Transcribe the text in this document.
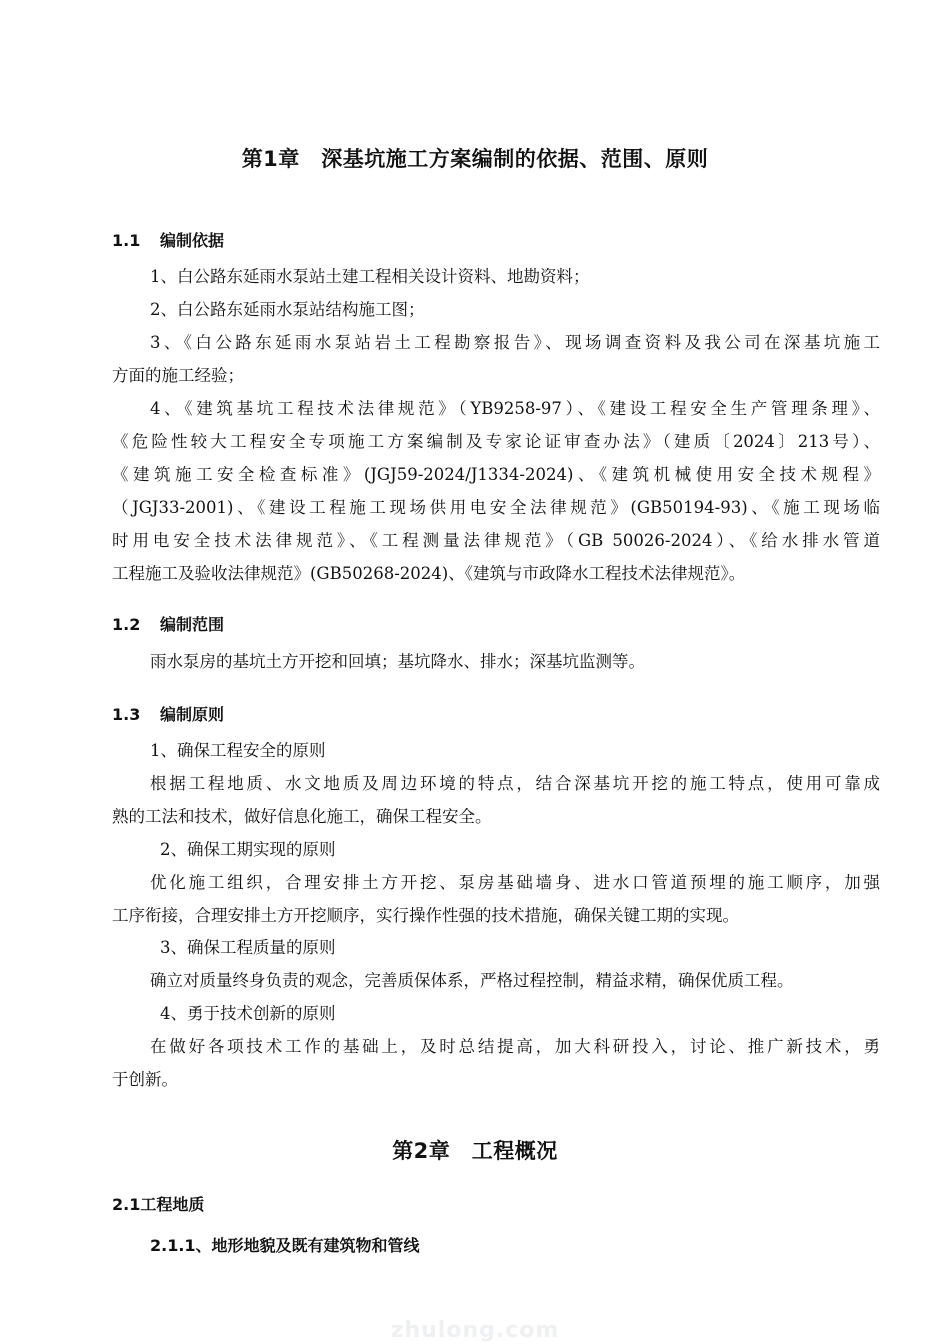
第1章　深基坑施工方案编制的依据、范围、原则
1.1 编制依据
1、白公路东延雨水泵站土建工程相关设计资料、地勘资料；
2、白公路东延雨水泵站结构施工图；
3、《白公路东延雨水泵站岩土工程勘察报告》、现场调查资料及我公司在深基坑施工
方面的施工经验；
4、《建筑基坑工程技术法律规范》（YB9258-97）、《建设工程安全生产管理条理》、
《危险性较大工程安全专项施工方案编制及专家论证审查办法》（建质〔2024〕213号）、
《建筑施工安全检查标准》(JGJ59-2024/J1334-2024)、《建筑机械使用安全技术规程》
（JGJ33-2001)、《建设工程施工现场供用电安全法律规范》(GB50194-93)、《施工现场临
时用电安全技术法律规范》、《工程测量法律规范》（GB 50026-2024）、《给水排水管道
工程施工及验收法律规范》(GB50268-2024)、《建筑与市政降水工程技术法律规范》。
1.2 编制范围
雨水泵房的基坑土方开挖和回填；基坑降水、排水；深基坑监测等。
1.3 编制原则
1、确保工程安全的原则
根据工程地质、水文地质及周边环境的特点，结合深基坑开挖的施工特点，使用可靠成
熟的工法和技术，做好信息化施工，确保工程安全。
2、确保工期实现的原则
优化施工组织，合理安排土方开挖、泵房基础墙身、进水口管道预埋的施工顺序，加强
工序衔接，合理安排土方开挖顺序，实行操作性强的技术措施，确保关键工期的实现。
3、确保工程质量的原则
确立对质量终身负责的观念，完善质保体系，严格过程控制，精益求精，确保优质工程。
4、勇于技术创新的原则
在做好各项技术工作的基础上，及时总结提高，加大科研投入，讨论、推广新技术，勇
于创新。
第2章　工程概况
2.1工程地质
2.1.1、地形地貌及既有建筑物和管线
zhulong.com
